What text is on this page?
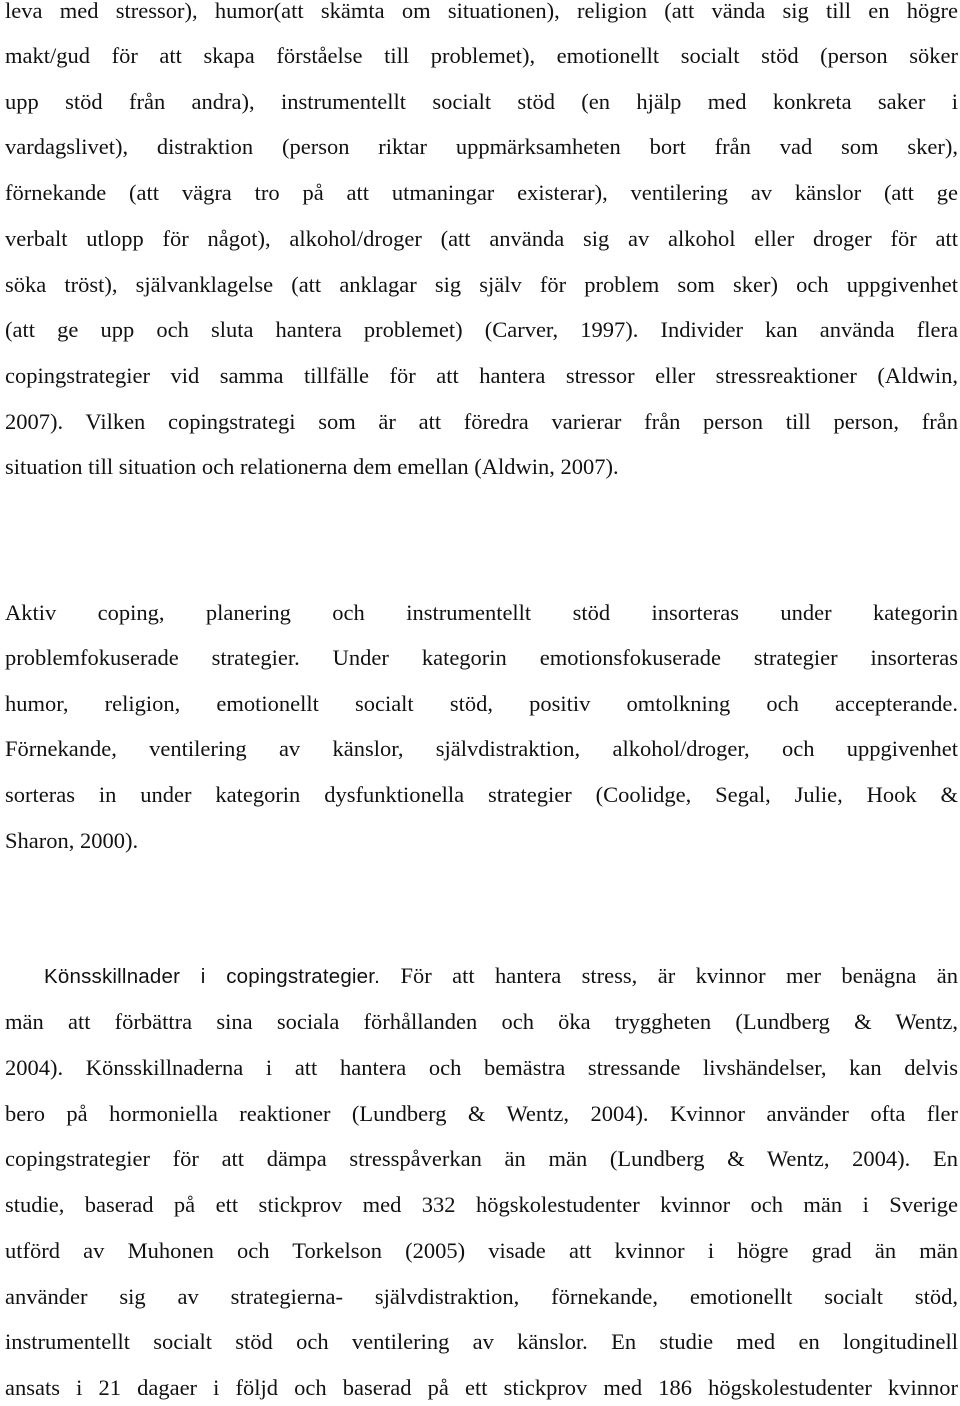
leva med stressor), humor(att skämta om situationen), religion (att vända sig till en högre
makt/gud för att skapa förståelse till problemet), emotionellt socialt stöd (person söker
upp stöd från andra), instrumentellt socialt stöd (en hjälp med konkreta saker i
vardagslivet), distraktion (person riktar uppmärksamheten bort från vad som sker),
förnekande (att vägra tro på att utmaningar existerar), ventilering av känslor (att ge
verbalt utlopp för något), alkohol/droger (att använda sig av alkohol eller droger för att
söka tröst), självanklagelse (att anklagar sig själv för problem som sker) och uppgivenhet
(att ge upp och sluta hantera problemet) (Carver, 1997). Individer kan använda flera
copingstrategier vid samma tillfälle för att hantera stressor eller stressreaktioner (Aldwin,
2007). Vilken copingstrategi som är att föredra varierar från person till person, från
situation till situation och relationerna dem emellan (Aldwin, 2007).
Aktiv coping, planering och instrumentellt stöd insorteras under kategorin
problemfokuserade strategier. Under kategorin emotionsfokuserade strategier insorteras
humor, religion, emotionellt socialt stöd, positiv omtolkning och accepterande.
Förnekande, ventilering av känslor, självdistraktion, alkohol/droger, och uppgivenhet
sorteras in under kategorin dysfunktionella strategier (Coolidge, Segal, Julie, Hook &
Sharon, 2000).
Könsskillnader i copingstrategier. För att hantera stress, är kvinnor mer benägna än
män att förbättra sina sociala förhållanden och öka tryggheten (Lundberg & Wentz,
2004). Könsskillnaderna i att hantera och bemästra stressande livshändelser, kan delvis
bero på hormoniella reaktioner (Lundberg & Wentz, 2004). Kvinnor använder ofta fler
copingstrategier för att dämpa stresspåverkan än män (Lundberg & Wentz, 2004). En
studie, baserad på ett stickprov med 332 högskolestudenter kvinnor och män i Sverige
utförd av Muhonen och Torkelson (2005) visade att kvinnor i högre grad än män
använder sig av strategierna- självdistraktion, förnekande, emotionellt socialt stöd,
instrumentellt socialt stöd och ventilering av känslor. En studie med en longitudinell
ansats i 21 dagaer i följd och baserad på ett stickprov med 186 högskolestudenter kvinnor
